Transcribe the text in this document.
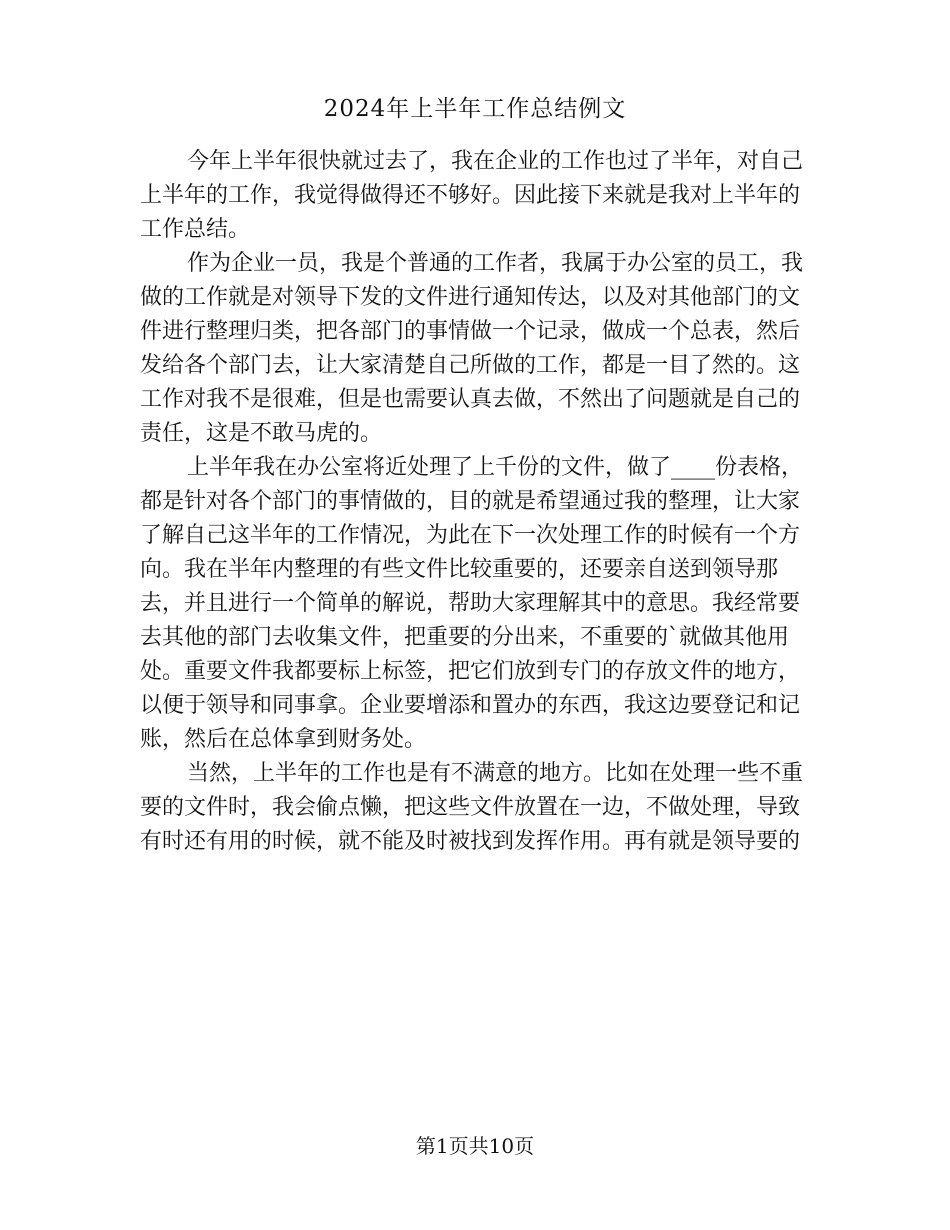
2024年上半年工作总结例文
今年上半年很快就过去了，我在企业的工作也过了半年，对自己
上半年的工作，我觉得做得还不够好。因此接下来就是我对上半年的
工作总结。
作为企业一员，我是个普通的工作者，我属于办公室的员工，我
做的工作就是对领导下发的文件进行通知传达，以及对其他部门的文
件进行整理归类，把各部门的事情做一个记录，做成一个总表，然后
发给各个部门去，让大家清楚自己所做的工作，都是一目了然的。这
工作对我不是很难，但是也需要认真去做，不然出了问题就是自己的
责任，这是不敢马虎的。
上半年我在办公室将近处理了上千份的文件，做了____份表格，
都是针对各个部门的事情做的，目的就是希望通过我的整理，让大家
了解自己这半年的工作情况，为此在下一次处理工作的时候有一个方
向。我在半年内整理的有些文件比较重要的，还要亲自送到领导那
去，并且进行一个简单的解说，帮助大家理解其中的意思。我经常要
去其他的部门去收集文件，把重要的分出来，不重要的`就做其他用
处。重要文件我都要标上标签，把它们放到专门的存放文件的地方，
以便于领导和同事拿。企业要增添和置办的东西，我这边要登记和记
账，然后在总体拿到财务处。
当然，上半年的工作也是有不满意的地方。比如在处理一些不重
要的文件时，我会偷点懒，把这些文件放置在一边，不做处理，导致
有时还有用的时候，就不能及时被找到发挥作用。再有就是领导要的
第1页共10页
